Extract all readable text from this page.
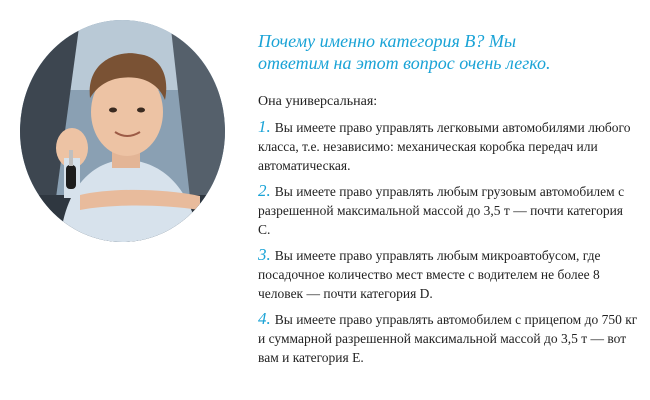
Почему именно категория В? Мы
ответим на этот вопрос очень легко.

Она универсальная:

1. Вы имеете право управлять легковыми автомобилями любого класса, т.е. независимо: механическая коробка передач или автоматическая.
2. Вы имеете право управлять любым грузовым автомобилем с разрешенной максимальной массой до 3,5 т — почти категория C.
3. Вы имеете право управлять любым микроавтобусом, где посадочное количество мест вместе с водителем не более 8 человек — почти категория D.
4. Вы имеете право управлять автомобилем с прицепом до 750 кг и суммарной разрешенной максимальной массой до 3,5 т — вот вам и категория E.
